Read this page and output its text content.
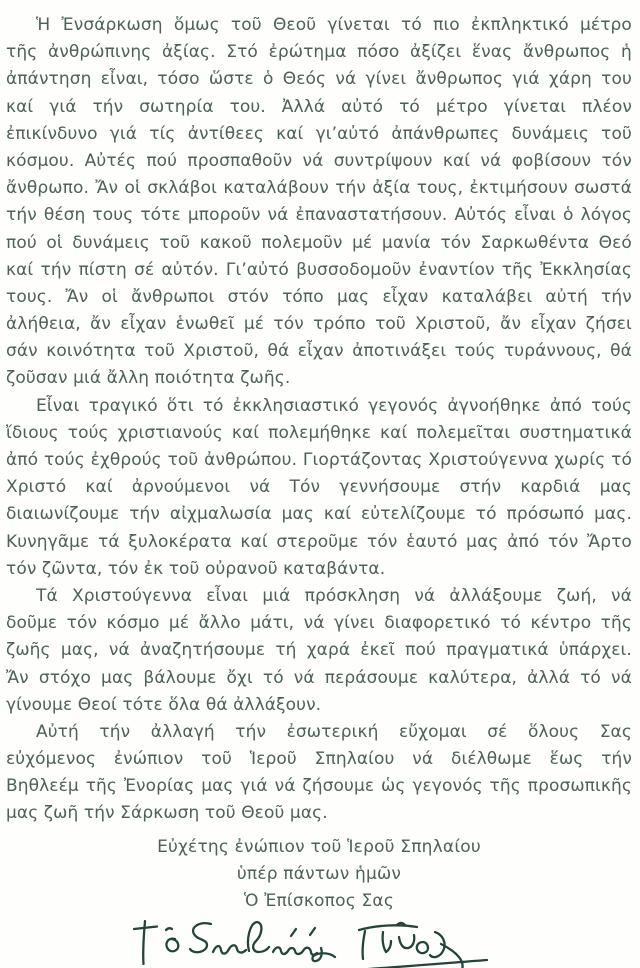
Ἡ Ἐνσάρκωση ὅμως τοῦ Θεοῦ γίνεται τό πιο ἐκπληκτικό μέτρο
τῆς ἀνθρώπινης ἀξίας. Στό ἐρώτημα πόσο ἀξίζει ἕνας ἄνθρωπος ἡ
ἀπάντηση εἶναι, τόσο ὥστε ὁ Θεός νά γίνει ἄνθρωπος γιά χάρη του
καί γιά τήν σωτηρία του. Ἀλλά αὐτό τό μέτρο γίνεται πλέον
ἐπικίνδυνο γιά τίς ἀντίθεες καί γι’αὐτό ἀπάνθρωπες δυνάμεις τοῦ
κόσμου. Αὐτές πού προσπαθοῦν νά συντρίψουν καί νά φοβίσουν τόν
ἄνθρωπο. Ἄν οἱ σκλάβοι καταλάβουν τήν ἀξία τους, ἐκτιμήσουν σωστά
τήν θέση τους τότε μποροῦν νά ἐπαναστατήσουν. Αὐτός εἶναι ὁ λόγος
πού οἱ δυνάμεις τοῦ κακοῦ πολεμοῦν μέ μανία τόν Σαρκωθέντα Θεό
καί τήν πίστη σέ αὐτόν. Γι’αὐτό βυσσοδομοῦν ἐναντίον τῆς Ἐκκλησίας
τους. Ἄν οἱ ἄνθρωποι στόν τόπο μας εἶχαν καταλάβει αὐτή τήν
ἀλήθεια, ἄν εἶχαν ἑνωθεῖ μέ τόν τρόπο τοῦ Χριστοῦ, ἄν εἶχαν ζήσει
σάν κοινότητα τοῦ Χριστοῦ, θά εἶχαν ἀποτινάξει τούς τυράννους, θά
ζοῦσαν μιά ἄλλη ποιότητα ζωῆς.
Εἶναι τραγικό ὅτι τό ἐκκλησιαστικό γεγονός ἀγνοήθηκε ἀπό τούς
ἴδιους τούς χριστιανούς καί πολεμήθηκε καί πολεμεῖται συστηματικά
ἀπό τούς ἐχθρούς τοῦ ἀνθρώπου. Γιορτάζοντας Χριστούγεννα χωρίς τό
Χριστό καί ἀρνούμενοι νά Τόν γεννήσουμε στήν καρδιά μας
διαιωνίζουμε τήν αἰχμαλωσία μας καί εὐτελίζουμε τό πρόσωπό μας.
Κυνηγᾶμε τά ξυλοκέρατα καί στεροῦμε τόν ἑαυτό μας ἀπό τόν Ἄρτο
τόν ζῶντα, τόν ἐκ τοῦ οὐρανοῦ καταβάντα.
Τά Χριστούγεννα εἶναι μιά πρόσκληση νά ἀλλάξουμε ζωή, νά
δοῦμε τόν κόσμο μέ ἄλλο μάτι, νά γίνει διαφορετικό τό κέντρο τῆς
ζωῆς μας, νά ἀναζητήσουμε τή χαρά ἐκεῖ πού πραγματικά ὑπάρχει.
Ἄν στόχο μας βάλουμε ὄχι τό νά περάσουμε καλύτερα, ἀλλά τό νά
γίνουμε Θεοί τότε ὅλα θά ἀλλάξουν.
Αὐτή τήν ἀλλαγή τήν ἐσωτερική εὔχομαι σέ ὅλους Σας
εὐχόμενος ἐνώπιον τοῦ Ἱεροῦ Σπηλαίου νά διέλθωμε ἕως τήν
Βηθλεέμ τῆς Ἐνορίας μας γιά νά ζήσουμε ὡς γεγονός τῆς προσωπικῆς
μας ζωῆ τήν Σάρκωση τοῦ Θεοῦ μας.
Εὐχέτης ἐνώπιον τοῦ Ἱεροῦ Σπηλαίου
ὑπέρ πάντων ἡμῶν
Ὁ Ἐπίσκοπος Σας
